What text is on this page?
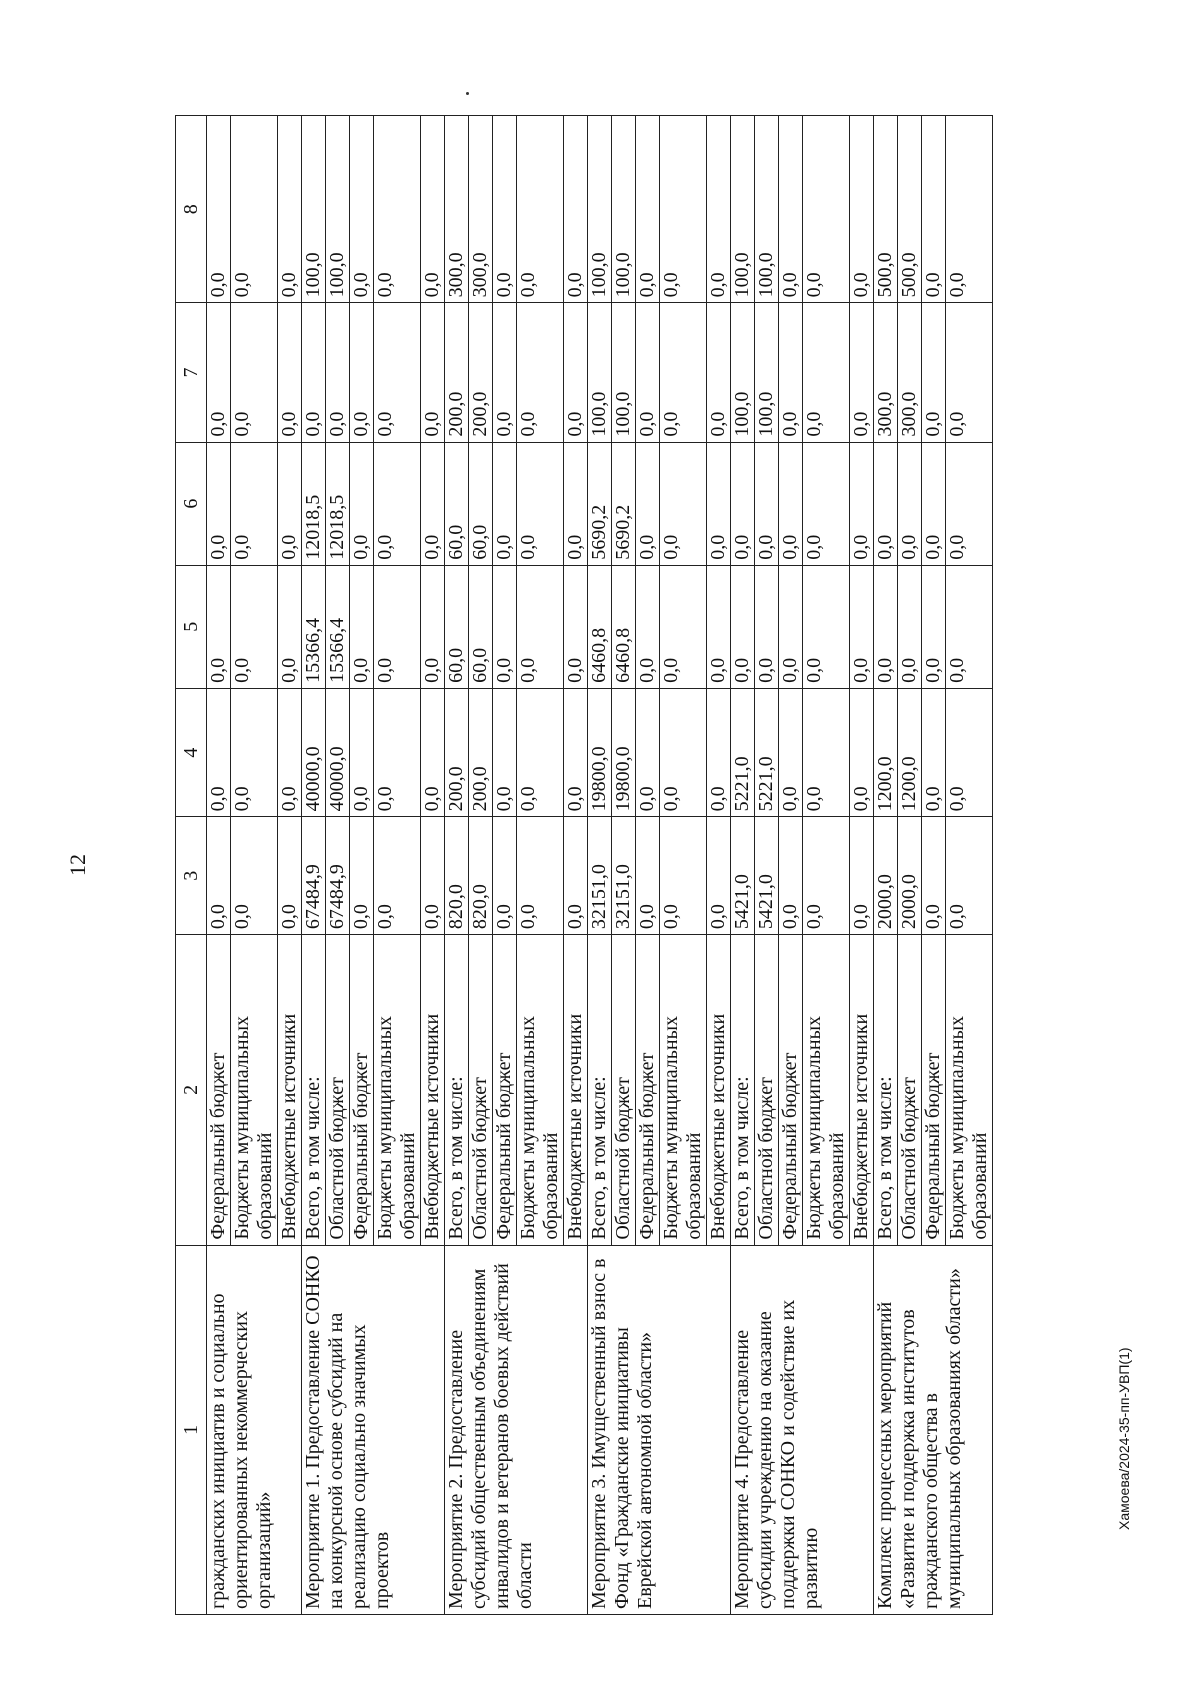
12
1	2	3	4	5	6	7	8
гражданских инициатив и социально ориентированных некоммерческих организаций»	Федеральный бюджет	0,0	0,0	0,0	0,0	0,0	0,0
	Бюджеты муниципальных образований	0,0	0,0	0,0	0,0	0,0	0,0
	Внебюджетные источники	0,0	0,0	0,0	0,0	0,0	0,0
Мероприятие 1. Предоставление СОНКО на конкурсной основе субсидий на реализацию социально значимых проектов	Всего, в том числе:	67484,9	40000,0	15366,4	12018,5	0,0	100,0
	Областной бюджет	67484,9	40000,0	15366,4	12018,5	0,0	100,0
	Федеральный бюджет	0,0	0,0	0,0	0,0	0,0	0,0
	Бюджеты муниципальных образований	0,0	0,0	0,0	0,0	0,0	0,0
	Внебюджетные источники	0,0	0,0	0,0	0,0	0,0	0,0
Мероприятие 2. Предоставление субсидий общественным объединениям инвалидов и ветеранов боевых действий области	Всего, в том числе:	820,0	200,0	60,0	60,0	200,0	300,0
	Областной бюджет	820,0	200,0	60,0	60,0	200,0	300,0
	Федеральный бюджет	0,0	0,0	0,0	0,0	0,0	0,0
	Бюджеты муниципальных образований	0,0	0,0	0,0	0,0	0,0	0,0
	Внебюджетные источники	0,0	0,0	0,0	0,0	0,0	0,0
Мероприятие 3. Имущественный взнос в Фонд «Гражданские инициативы Еврейской автономной области»	Всего, в том числе:	32151,0	19800,0	6460,8	5690,2	100,0	100,0
	Областной бюджет	32151,0	19800,0	6460,8	5690,2	100,0	100,0
	Федеральный бюджет	0,0	0,0	0,0	0,0	0,0	0,0
	Бюджеты муниципальных образований	0,0	0,0	0,0	0,0	0,0	0,0
	Внебюджетные источники	0,0	0,0	0,0	0,0	0,0	0,0
Мероприятие 4. Предоставление субсидии учреждению на оказание поддержки СОНКО и содействие их развитию	Всего, в том числе:	5421,0	5221,0	0,0	0,0	100,0	100,0
	Областной бюджет	5421,0	5221,0	0,0	0,0	100,0	100,0
	Федеральный бюджет	0,0	0,0	0,0	0,0	0,0	0,0
	Бюджеты муниципальных образований	0,0	0,0	0,0	0,0	0,0	0,0
	Внебюджетные источники	0,0	0,0	0,0	0,0	0,0	0,0
Комплекс процессных мероприятий «Развитие и поддержка институтов гражданского общества в муниципальных образованиях области»	Всего, в том числе:	2000,0	1200,0	0,0	0,0	300,0	500,0
	Областной бюджет	2000,0	1200,0	0,0	0,0	300,0	500,0
	Федеральный бюджет	0,0	0,0	0,0	0,0	0,0	0,0
	Бюджеты муниципальных образований	0,0	0,0	0,0	0,0	0,0	0,0
Хамоева/2024-35-пп-УВП(1)
